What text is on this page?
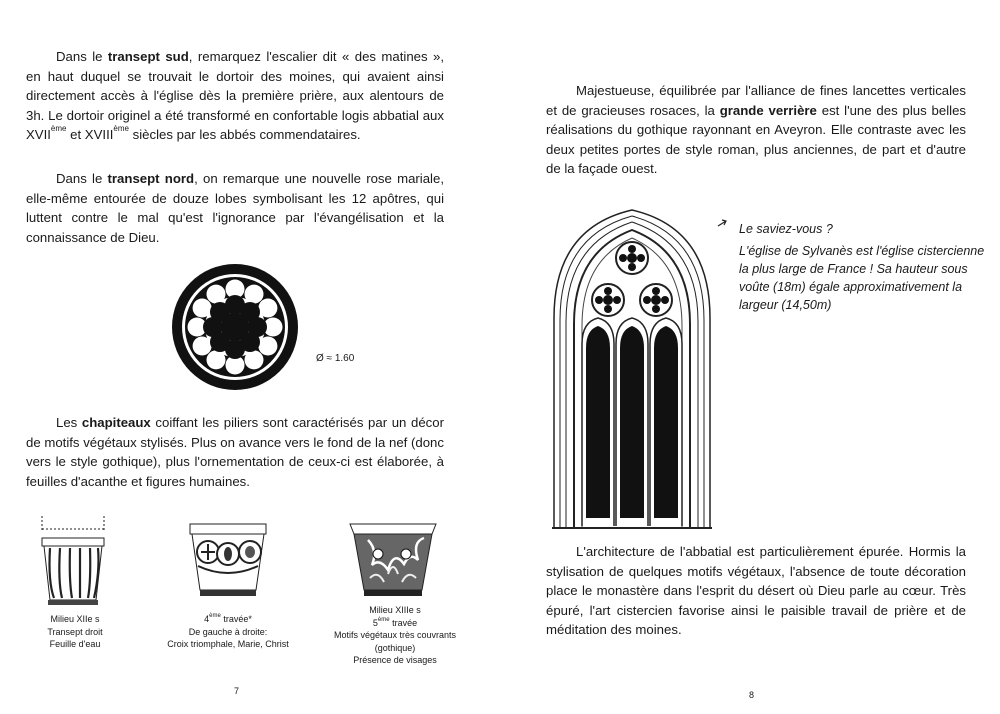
Dans le transept sud, remarquez l'escalier dit « des matines », en haut duquel se trouvait le dortoir des moines, qui avaient ainsi directement accès à l'église dès la première prière, aux alentours de 3h. Le dortoir originel a été transformé en confortable logis abbatial aux XVIIème et XVIIIème siècles par les abbés commendataires.
Dans le transept nord, on remarque une nouvelle rose mariale, elle-même entourée de douze lobes symbolisant les 12 apôtres, qui luttent contre le mal qu'est l'ignorance par l'évangélisation et la connaissance de Dieu.
Ø ≈ 1.60
Les chapiteaux coiffant les piliers sont caractérisés par un décor de motifs végétaux stylisés. Plus on avance vers le fond de la nef (donc vers le style gothique), plus l'ornementation de ceux-ci est élaborée, à feuilles d'acanthe et figures humaines.
Milieu XIIe s
Transept droit
Feuille d'eau
4ème travée*
De gauche à droite:
Croix triomphale, Marie, Christ
Milieu XIIIe s
5ème travée
Motifs végétaux très couvrants
(gothique)
Présence de visages
7
Majestueuse, équilibrée par l'alliance de fines lancettes verticales et de gracieuses rosaces, la grande verrière est l'une des plus belles réalisations du gothique rayonnant en Aveyron. Elle contraste avec les deux petites portes de style roman, plus anciennes, de part et d'autre de la façade ouest.
Le saviez-vous ?
L'église de Sylvanès est l'église cistercienne la plus large de France ! Sa hauteur sous voûte (18m) égale approximativement la largeur (14,50m)
L'architecture de l'abbatial est particulièrement épurée. Hormis la stylisation de quelques motifs végétaux, l'absence de toute décoration place le monastère dans l'esprit du désert où Dieu parle au cœur. Très épuré, l'art cistercien favorise ainsi le paisible travail de prière et de méditation des moines.
8
